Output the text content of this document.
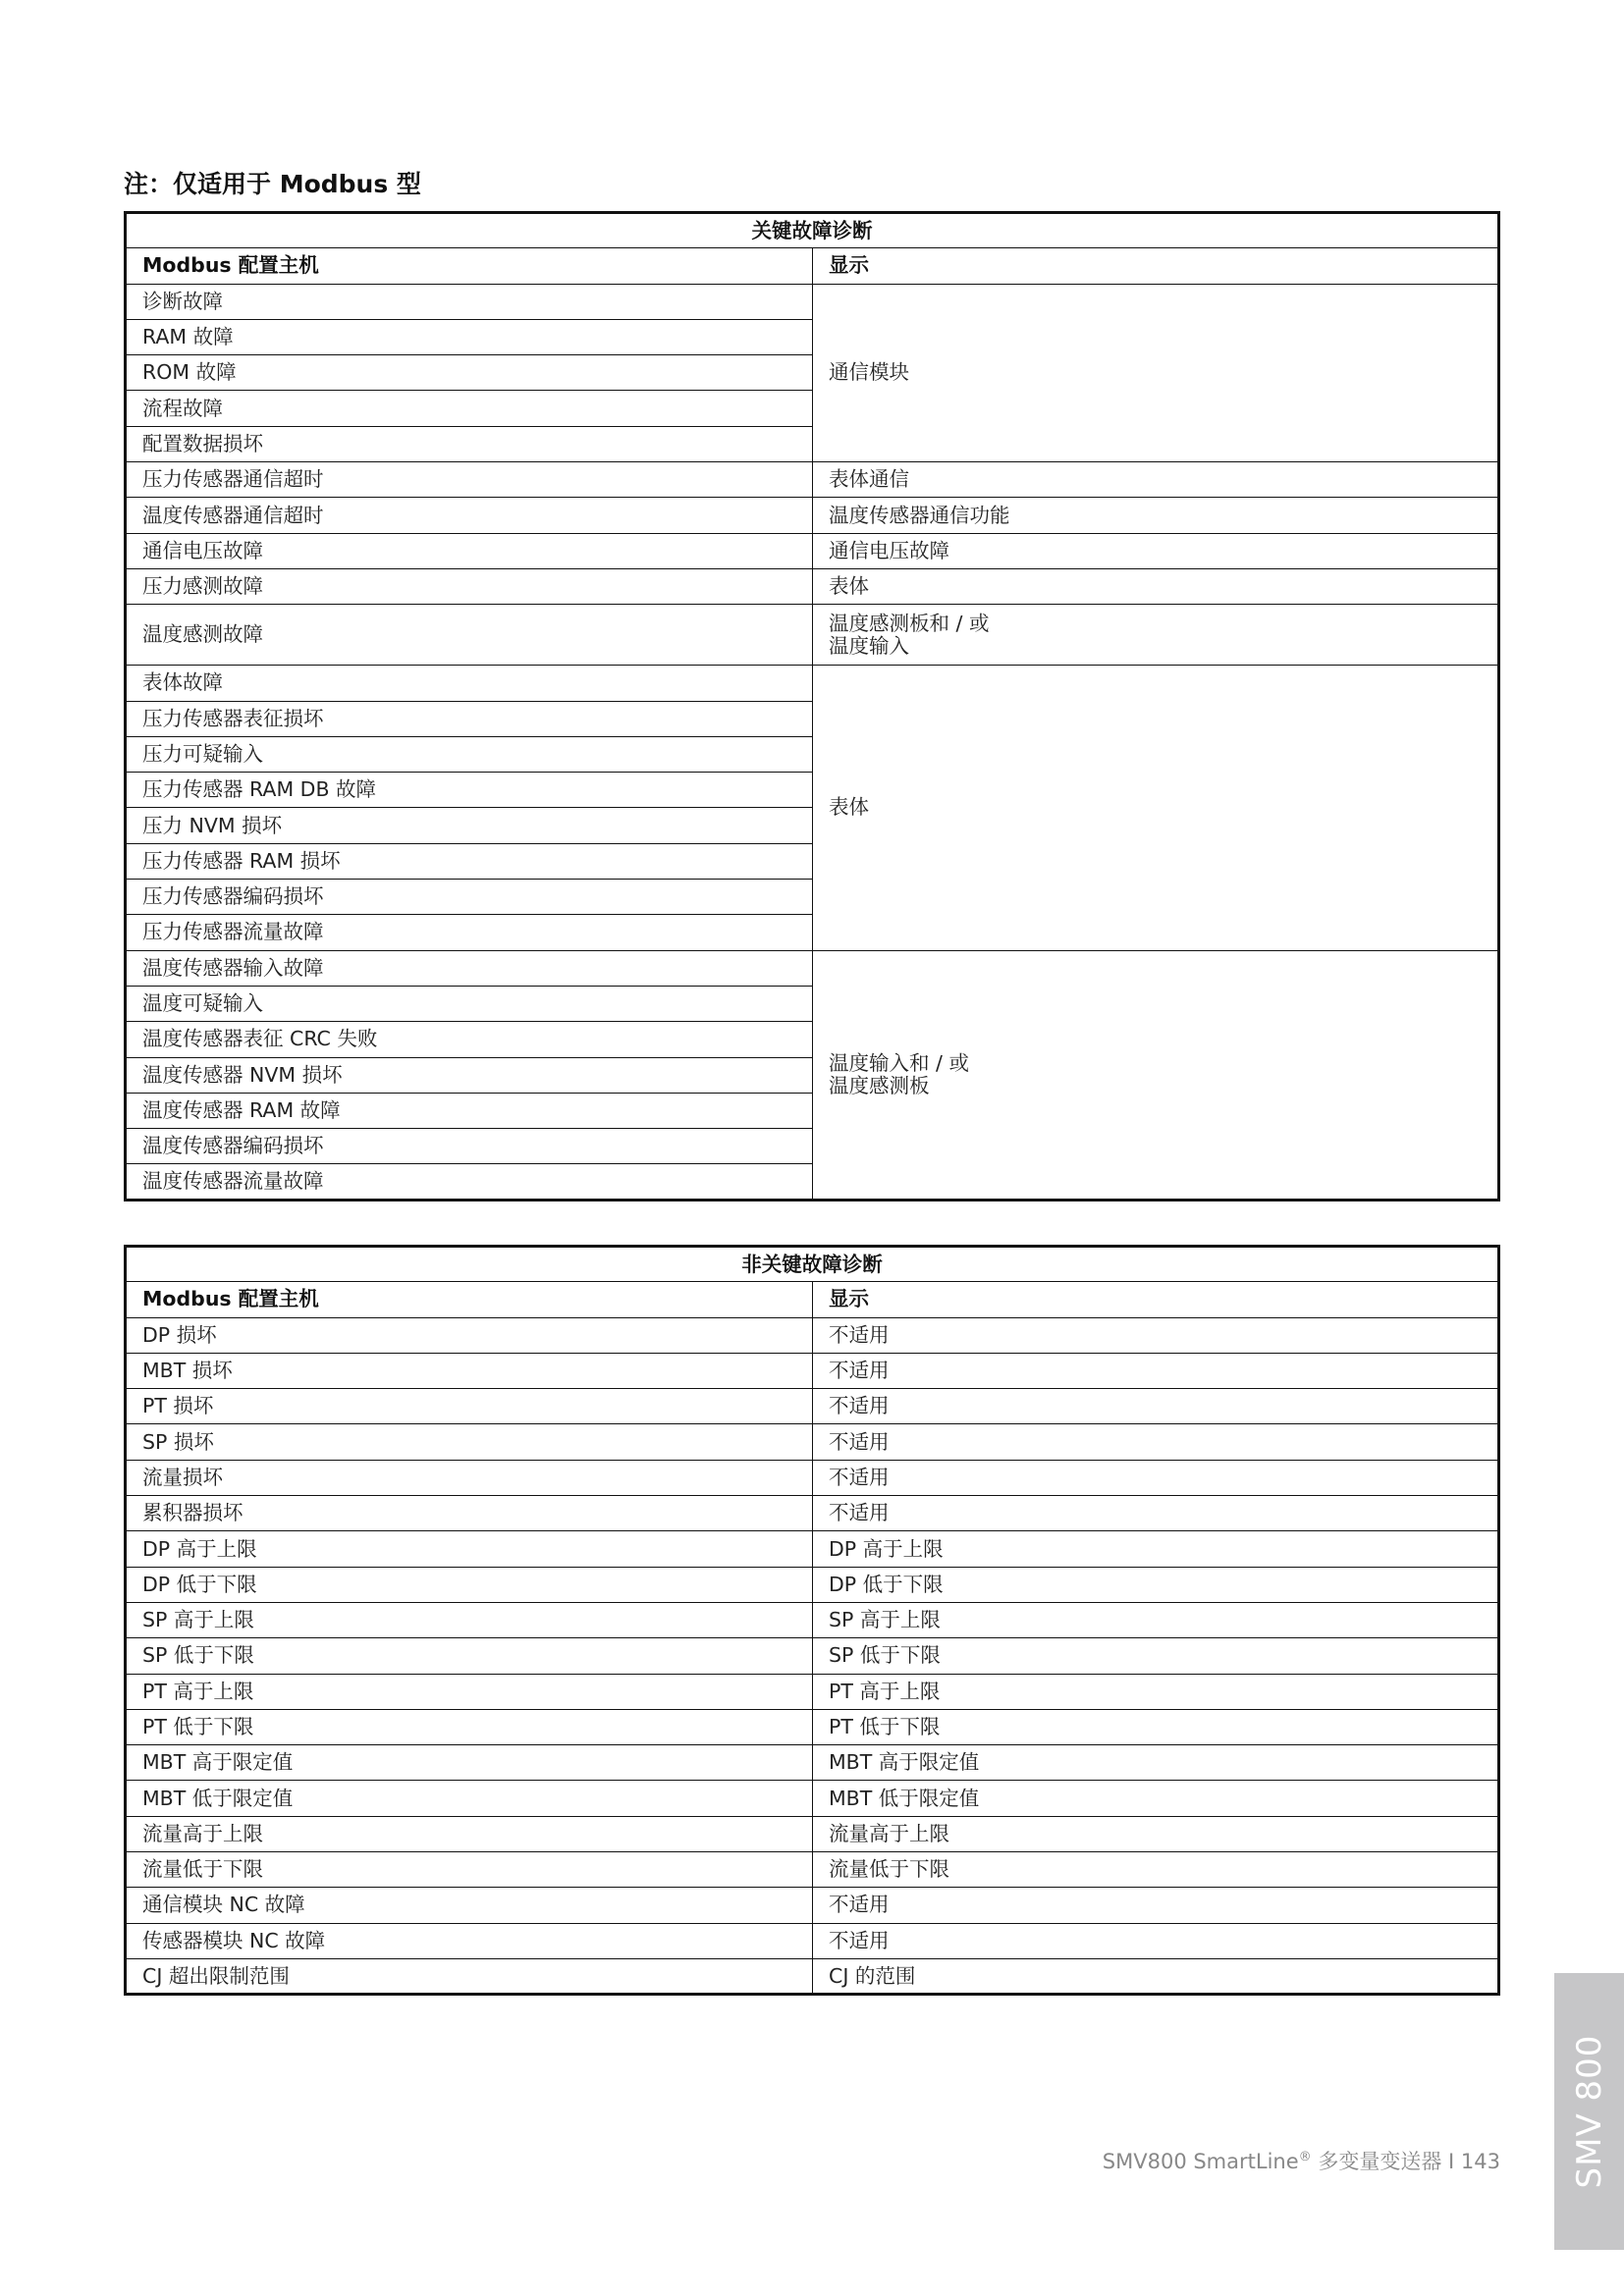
注：仅适用于 Modbus 型
关键故障诊断	
Modbus 配置主机	显示
诊断故障	通信模块
RAM 故障	
ROM 故障	
流程故障	
配置数据损坏	
压力传感器通信超时	表体通信
温度传感器通信超时	温度传感器通信功能
通信电压故障	通信电压故障
压力感测故障	表体
温度感测故障	温度感测板和 / 或
温度输入
表体故障	表体
压力传感器表征损坏	
压力可疑输入	
压力传感器 RAM DB 故障	
压力 NVM 损坏	
压力传感器 RAM 损坏	
压力传感器编码损坏	
压力传感器流量故障	
温度传感器输入故障	温度输入和 / 或
温度感测板
温度可疑输入	
温度传感器表征 CRC 失败	
温度传感器 NVM 损坏	
温度传感器 RAM 故障	
温度传感器编码损坏	
温度传感器流量故障	
非关键故障诊断	
Modbus 配置主机	显示
DP 损坏	不适用
MBT 损坏	不适用
PT 损坏	不适用
SP 损坏	不适用
流量损坏	不适用
累积器损坏	不适用
DP 高于上限	DP 高于上限
DP 低于下限	DP 低于下限
SP 高于上限	SP 高于上限
SP 低于下限	SP 低于下限
PT 高于上限	PT 高于上限
PT 低于下限	PT 低于下限
MBT 高于限定值	MBT 高于限定值
MBT 低于限定值	MBT 低于限定值
流量高于上限	流量高于上限
流量低于下限	流量低于下限
通信模块 NC 故障	不适用
传感器模块 NC 故障	不适用
CJ 超出限制范围	CJ 的范围
SMV800 SmartLine® 多变量变送器 I 143 SMV 800
